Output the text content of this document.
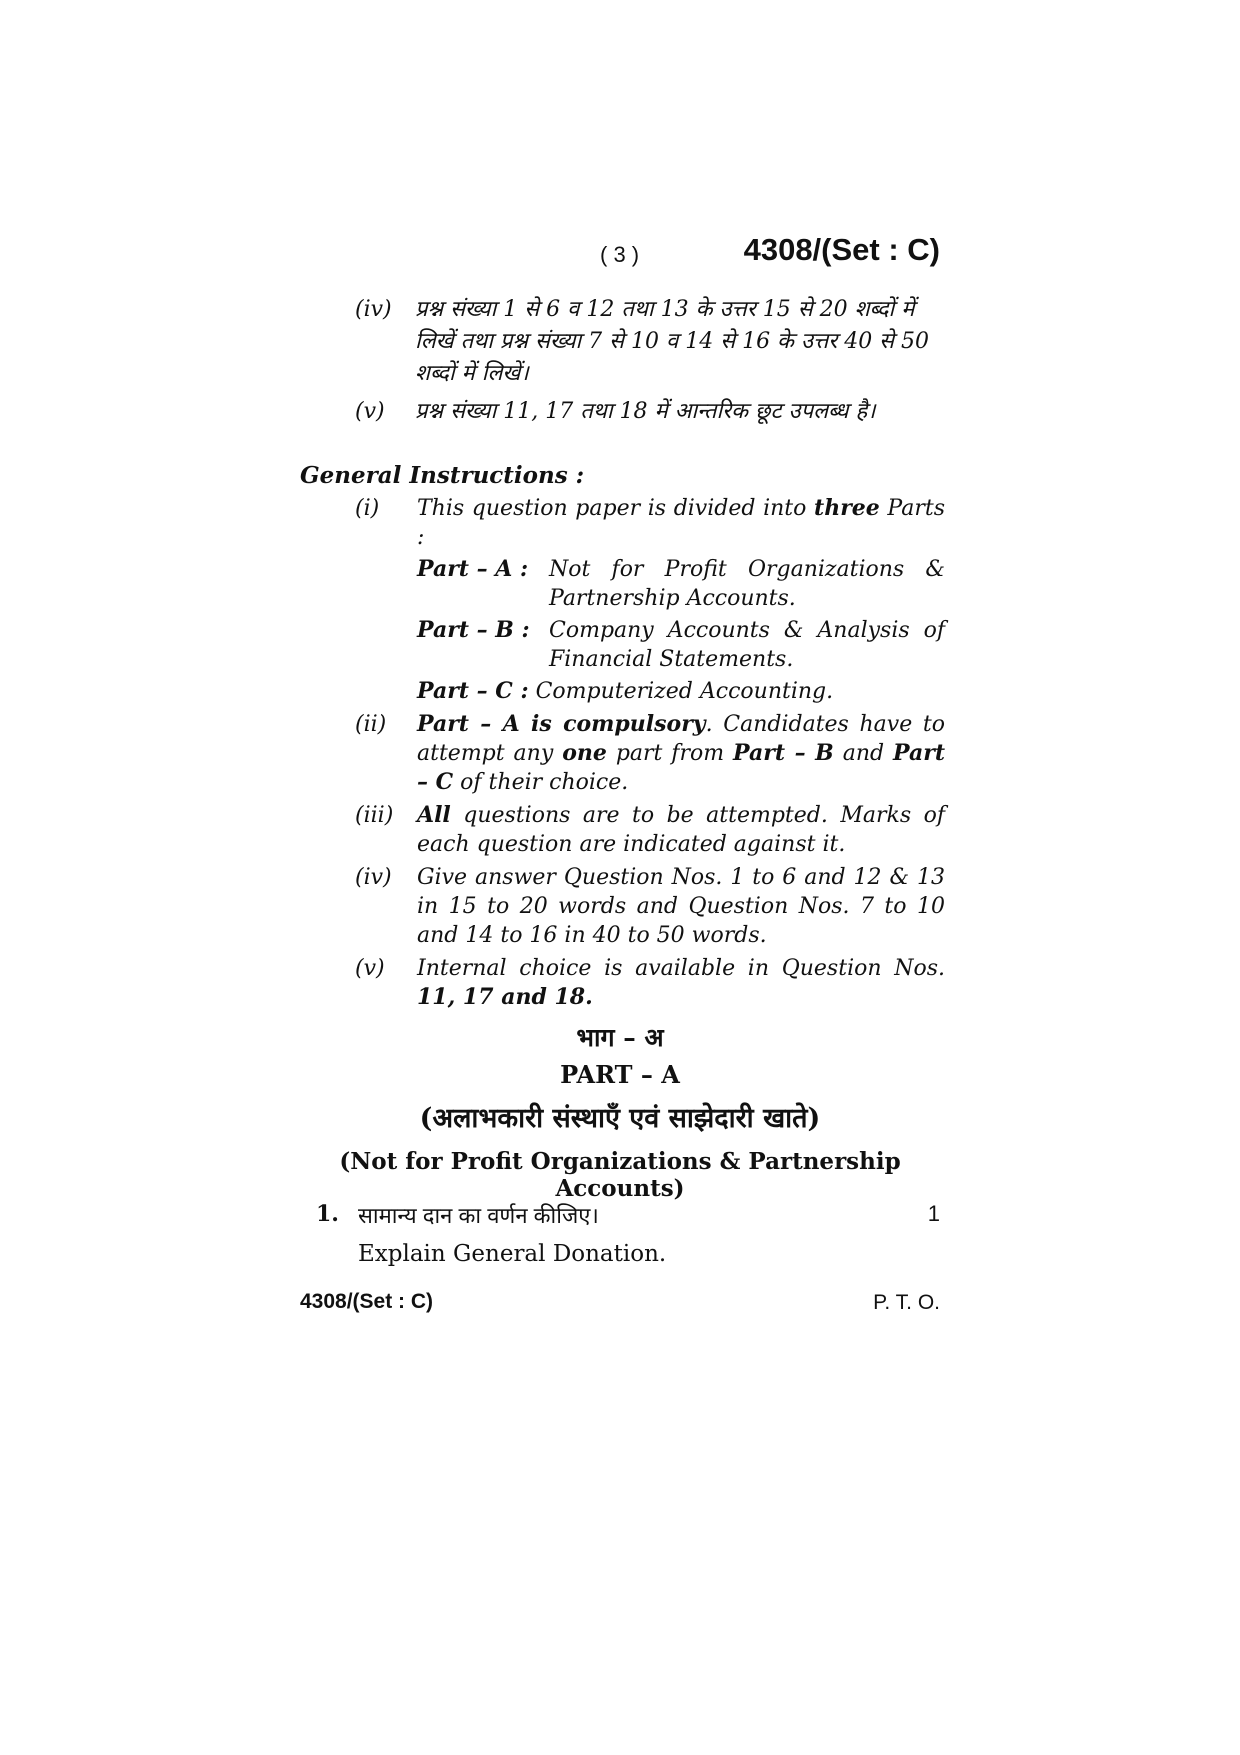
( 3 )	4308/(Set : C)
(iv) प्रश्न संख्या 1 से 6 व 12 तथा 13 के उत्तर 15 से 20 शब्दों में लिखें तथा प्रश्न संख्या 7 से 10 व 14 से 16 के उत्तर 40 से 50 शब्दों में लिखें।
(v) प्रश्न संख्या 11, 17 तथा 18 में आन्तरिक छूट उपलब्ध है।
General Instructions :
(i) This question paper is divided into three Parts :
Part – A : Not for Profit Organizations & Partnership Accounts.
Part – B : Company Accounts & Analysis of Financial Statements.
Part – C : Computerized Accounting.
(ii) Part – A is compulsory. Candidates have to attempt any one part from Part – B and Part – C of their choice.
(iii) All questions are to be attempted. Marks of each question are indicated against it.
(iv) Give answer Question Nos. 1 to 6 and 12 & 13 in 15 to 20 words and Question Nos. 7 to 10 and 14 to 16 in 40 to 50 words.
(v) Internal choice is available in Question Nos. 11, 17 and 18.
भाग – अ
PART – A
(अलाभकारी संस्थाएँ एवं साझेदारी खाते)
(Not for Profit Organizations & Partnership Accounts)
1. सामान्य दान का वर्णन कीजिए।	1
Explain General Donation.
4308/(Set : C)	P. T. O.
